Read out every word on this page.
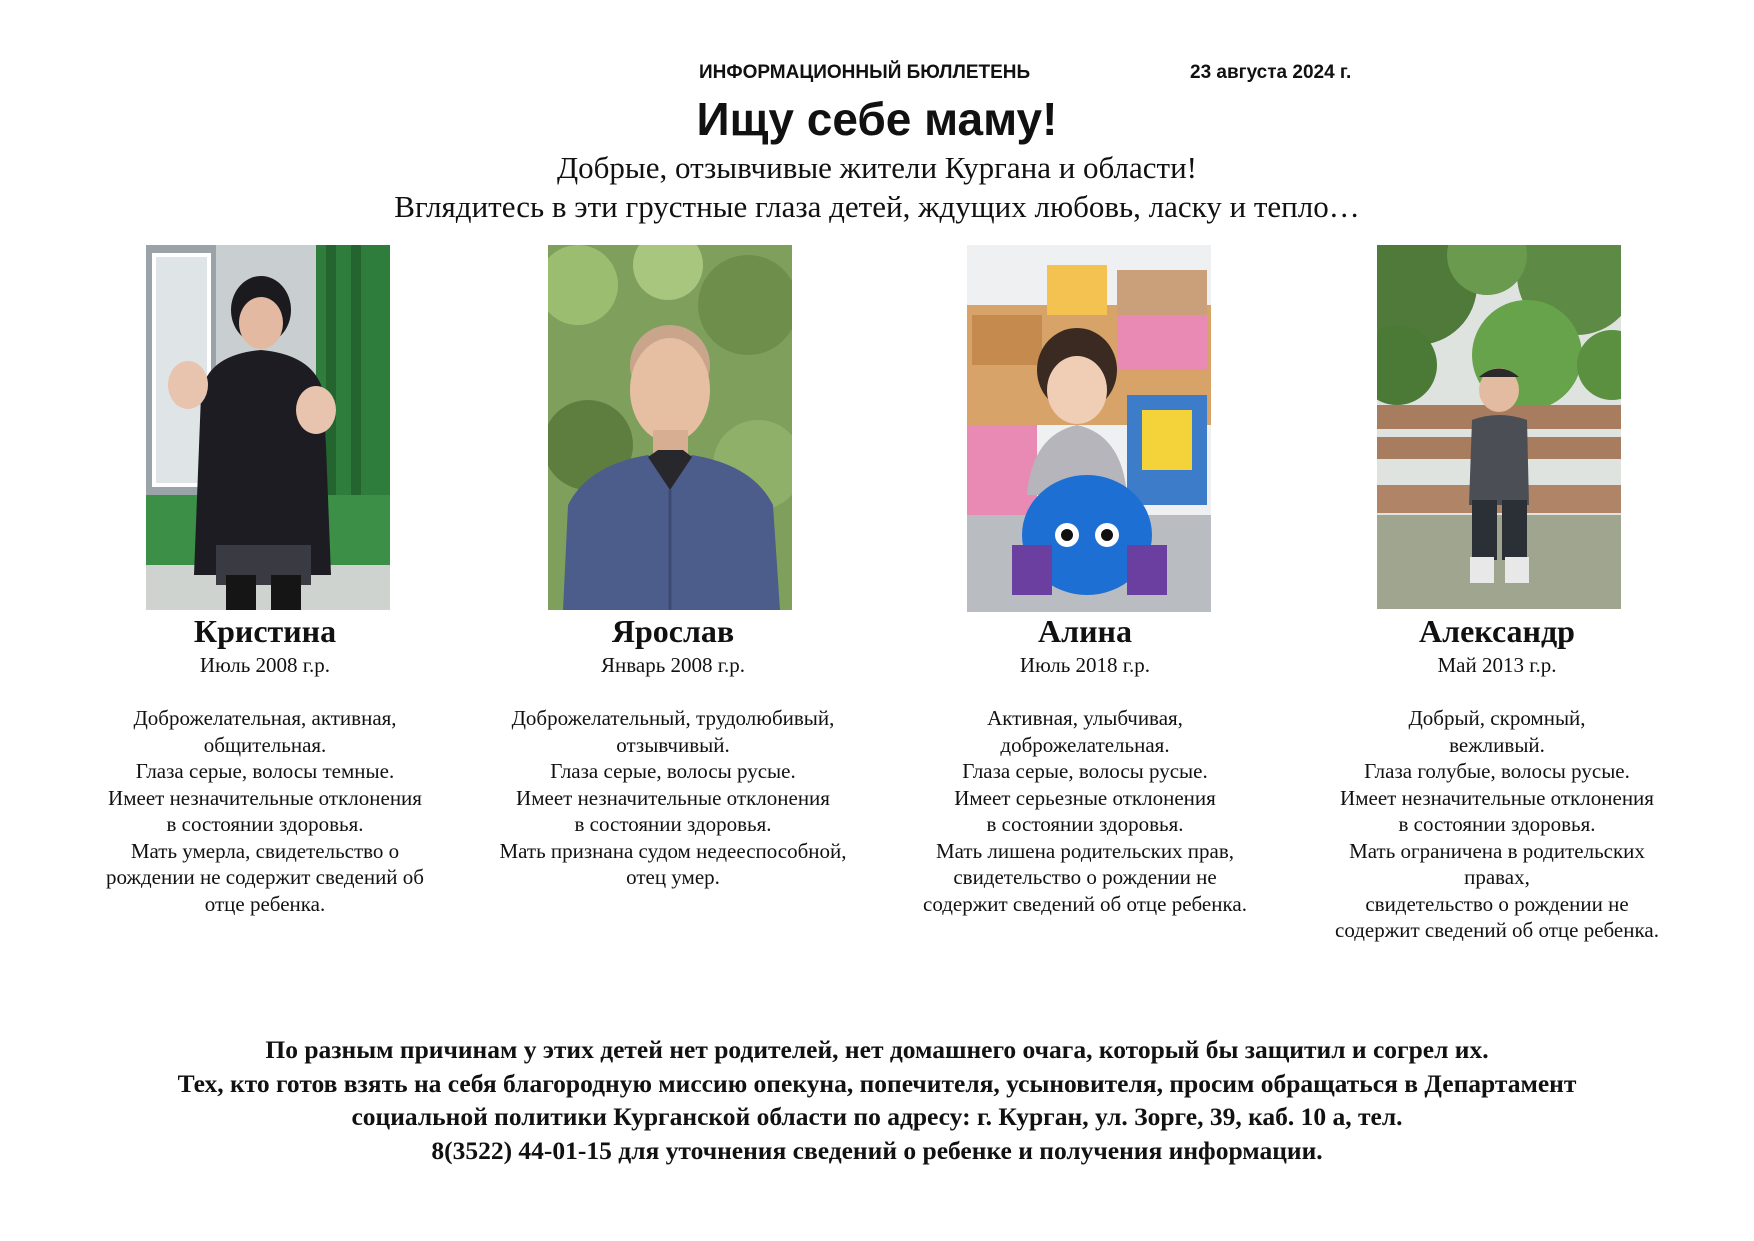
ИНФОРМАЦИОННЫЙ БЮЛЛЕТЕНЬ	23 августа 2024 г.
Ищу себе маму!
Добрые, отзывчивые жители Кургана и области!
Вглядитесь в эти грустные глаза детей, ждущих любовь, ласку и тепло…
Кристина
Июль 2008 г.р.
Доброжелательная, активная,
общительная.
Глаза серые, волосы темные.
Имеет незначительные отклонения
в состоянии здоровья.
Мать умерла, свидетельство о
рождении не содержит сведений об
отце ребенка.
Ярослав
Январь 2008 г.р.
Доброжелательный, трудолюбивый,
отзывчивый.
Глаза серые, волосы русые.
Имеет незначительные отклонения
в состоянии здоровья.
Мать признана судом недееспособной,
отец умер.
Алина
Июль 2018 г.р.
Активная, улыбчивая,
доброжелательная.
Глаза серые, волосы русые.
Имеет серьезные отклонения
в состоянии здоровья.
Мать лишена родительских прав,
свидетельство о рождении не
содержит сведений об отце ребенка.
Александр
Май 2013 г.р.
Добрый, скромный,
вежливый.
Глаза голубые, волосы русые.
Имеет незначительные отклонения
в состоянии здоровья.
Мать ограничена в родительских
правах,
свидетельство о рождении не
содержит сведений об отце ребенка.
По разным причинам у этих детей нет родителей, нет домашнего очага, который бы защитил и согрел их.
Тех, кто готов взять на себя благородную миссию опекуна, попечителя, усыновителя, просим обращаться в Департамент
социальной политики Курганской области по адресу: г. Курган, ул. Зорге, 39, каб. 10 а, тел.
8(3522) 44-01-15 для уточнения сведений о ребенке и получения информации.
